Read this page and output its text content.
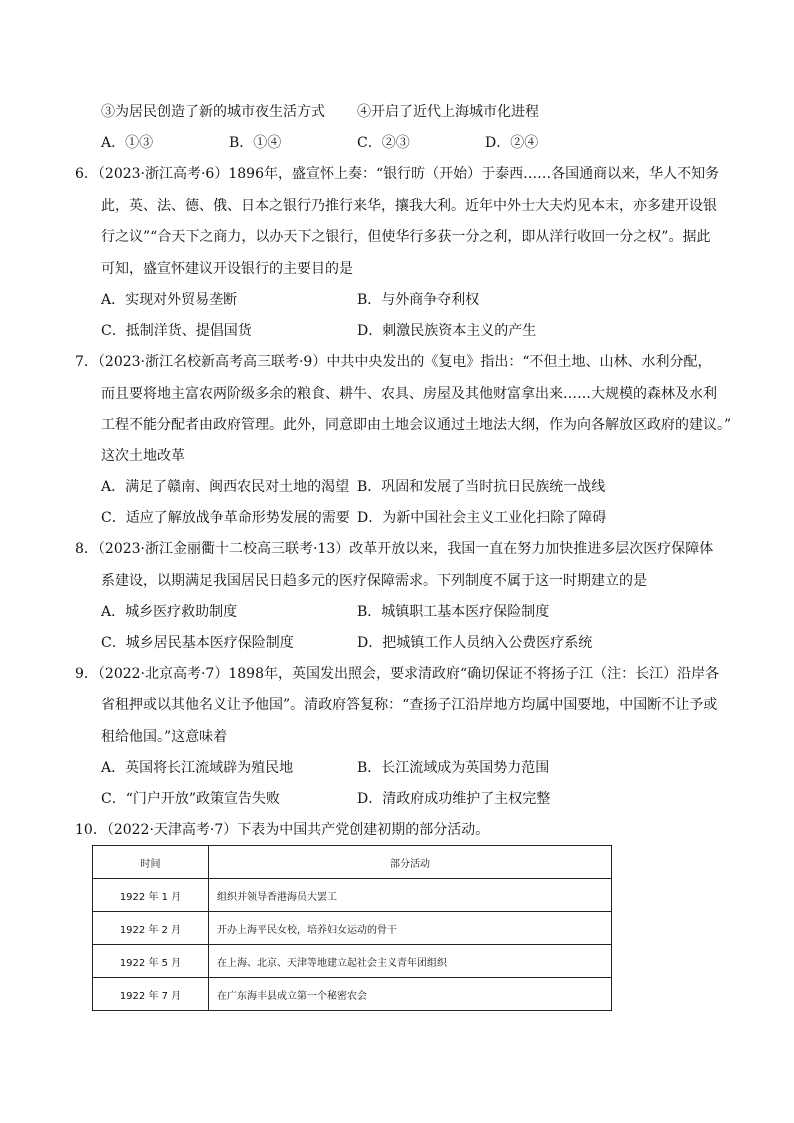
③为居民创造了新的城市夜生活方式 ④开启了近代上海城市化进程
A．①③	B．①④	C．②③	D．②④
6．（2023·浙江高考·6）1896年，盛宣怀上奏：“银行昉（开始）于泰西……各国通商以来，华人不知务
此，英、法、德、俄、日本之银行乃推行来华，攘我大利。近年中外士大夫灼见本末，亦多建开设银
行之议”“合天下之商力，以办天下之银行，但使华行多获一分之利，即从洋行收回一分之权”。据此
可知，盛宣怀建议开设银行的主要目的是
A．实现对外贸易垄断	B．与外商争夺利权
C．抵制洋货、提倡国货	D．刺激民族资本主义的产生
7．（2023·浙江名校新高考高三联考·9）中共中央发出的《复电》指出：“不但土地、山林、水利分配，
而且要将地主富农两阶级多余的粮食、耕牛、农具、房屋及其他财富拿出来……大规模的森林及水利
工程不能分配者由政府管理。此外，同意即由土地会议通过土地法大纲，作为向各解放区政府的建议。”
这次土地改革
A．满足了赣南、闽西农民对土地的渴望 B．巩固和发展了当时抗日民族统一战线
C．适应了解放战争革命形势发展的需要 D．为新中国社会主义工业化扫除了障碍
8．（2023·浙江金丽衢十二校高三联考·13）改革开放以来，我国一直在努力加快推进多层次医疗保障体
系建设，以期满足我国居民日趋多元的医疗保障需求。下列制度不属于这一时期建立的是
A．城乡医疗救助制度	B．城镇职工基本医疗保险制度
C．城乡居民基本医疗保险制度	D．把城镇工作人员纳入公费医疗系统
9．（2022·北京高考·7）1898年，英国发出照会，要求清政府“确切保证不将扬子江（注：长江）沿岸各
省租押或以其他名义让予他国”。清政府答复称：“查扬子江沿岸地方均属中国要地，中国断不让予或
租给他国。”这意味着
A．英国将长江流域辟为殖民地	B．长江流域成为英国势力范围
C．“门户开放”政策宣告失败	D．清政府成功维护了主权完整
10．（2022·天津高考·7）下表为中国共产党创建初期的部分活动。
时间	部分活动
1922 年 1 月	组织并领导香港海员大罢工
1922 年 2 月	开办上海平民女校，培养妇女运动的骨干
1922 年 5 月	在上海、北京、天津等地建立起社会主义青年团组织
1922 年 7 月	在广东海丰县成立第一个秘密农会
